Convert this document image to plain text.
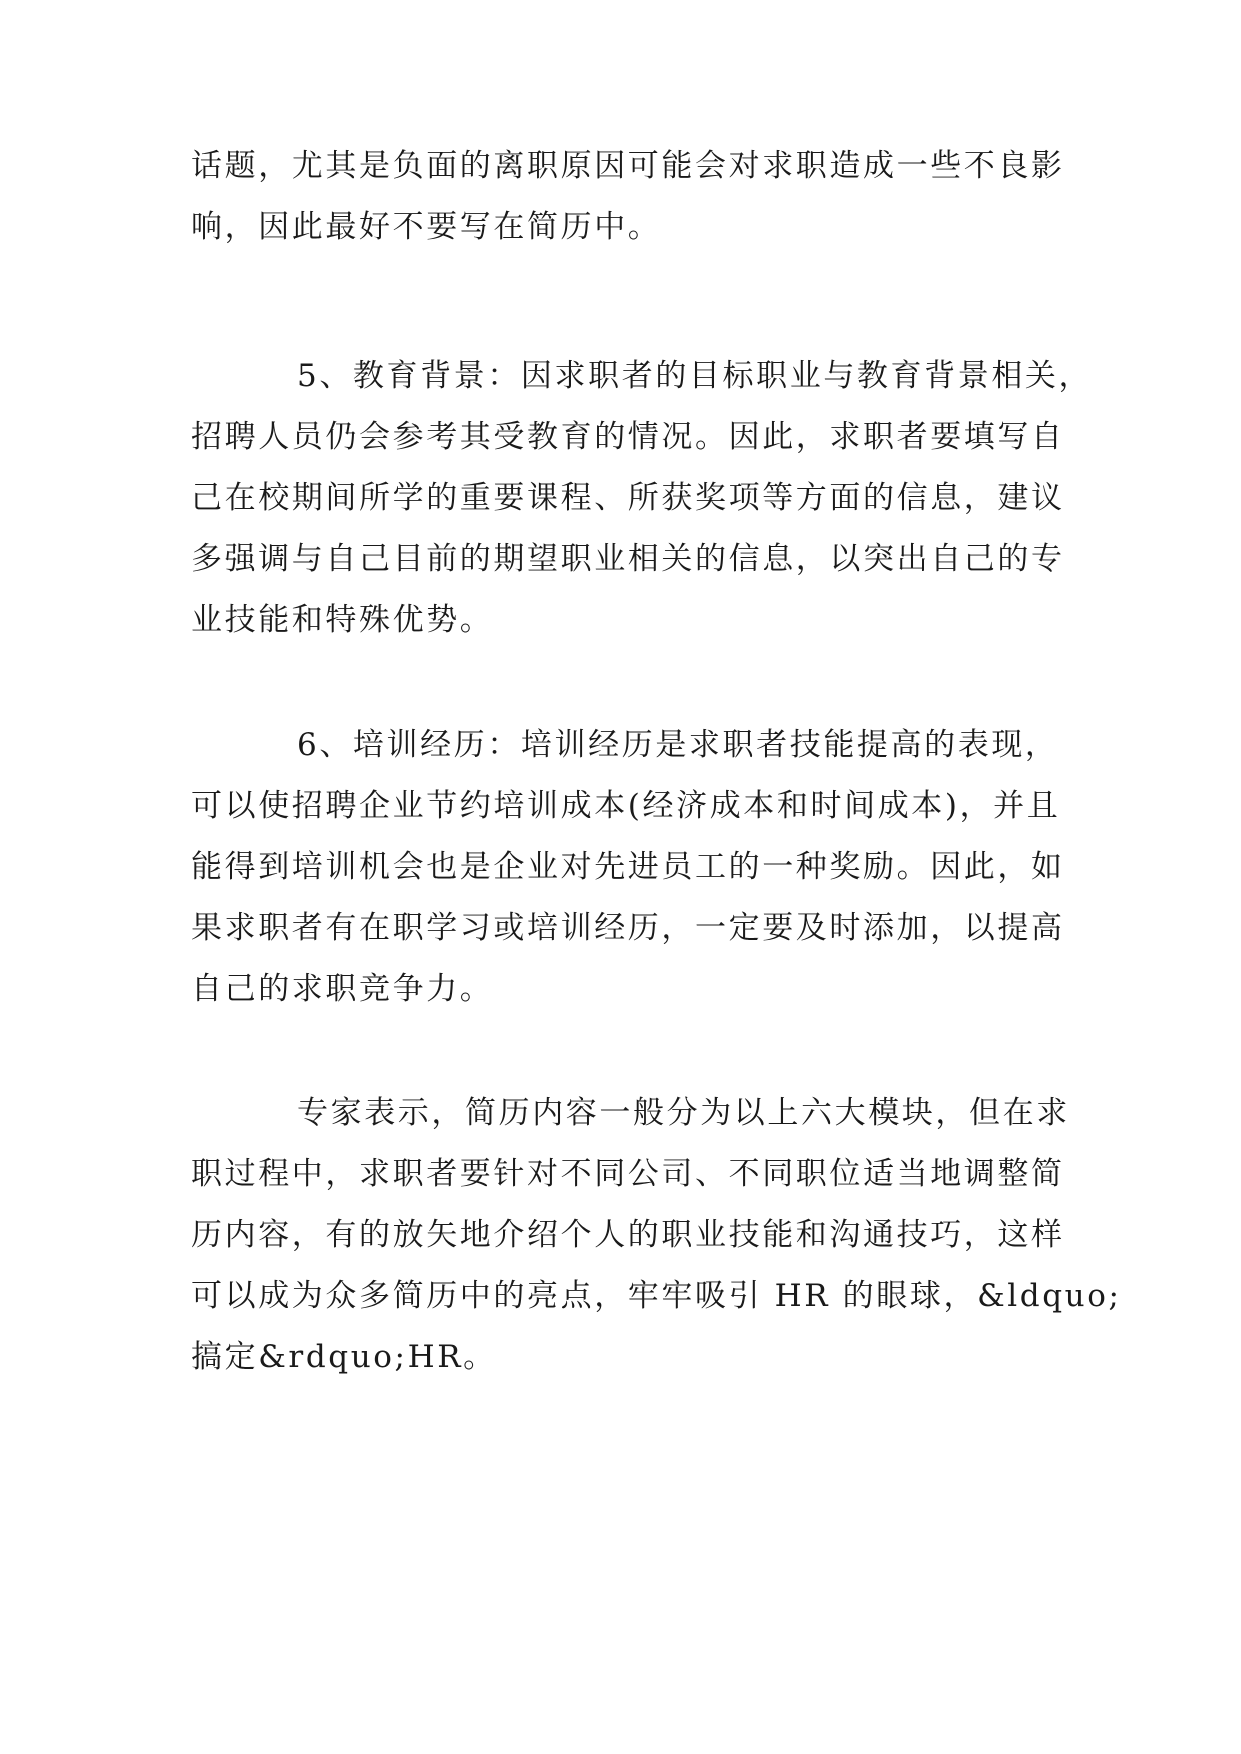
话题，尤其是负面的离职原因可能会对求职造成一些不良影
响，因此最好不要写在简历中。
5、教育背景：因求职者的目标职业与教育背景相关，
招聘人员仍会参考其受教育的情况。因此，求职者要填写自
己在校期间所学的重要课程、所获奖项等方面的信息，建议
多强调与自己目前的期望职业相关的信息，以突出自己的专
业技能和特殊优势。
6、培训经历：培训经历是求职者技能提高的表现，
可以使招聘企业节约培训成本(经济成本和时间成本)，并且
能得到培训机会也是企业对先进员工的一种奖励。因此，如
果求职者有在职学习或培训经历，一定要及时添加，以提高
自己的求职竞争力。
专家表示，简历内容一般分为以上六大模块，但在求
职过程中，求职者要针对不同公司、不同职位适当地调整简
历内容，有的放矢地介绍个人的职业技能和沟通技巧，这样
可以成为众多简历中的亮点，牢牢吸引 HR 的眼球，&ldquo;
搞定&rdquo;HR。
